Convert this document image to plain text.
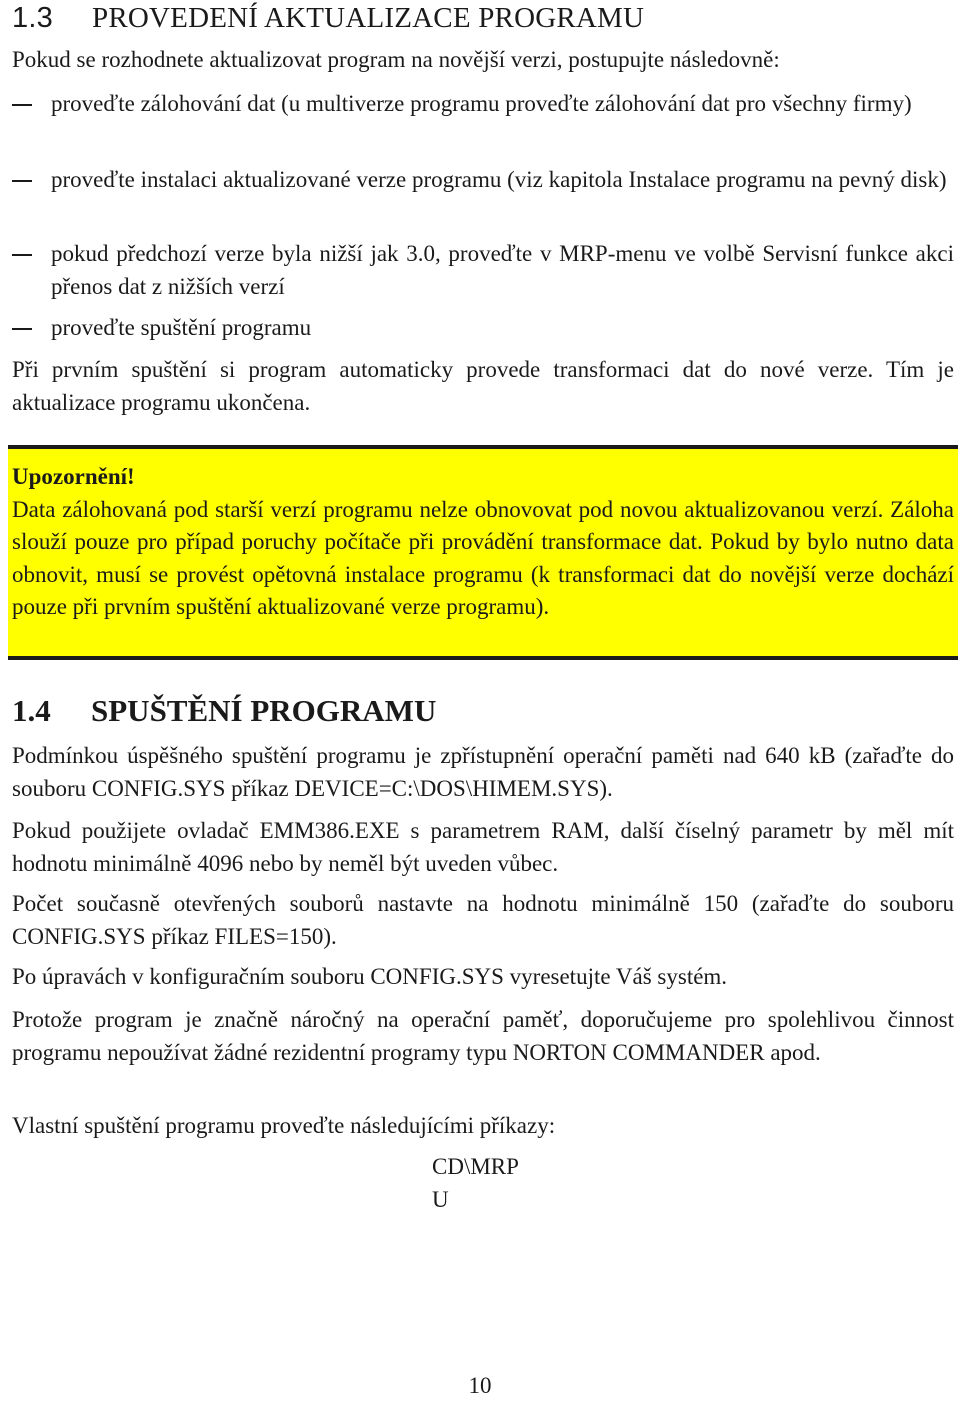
1.3 PROVEDENÍ AKTUALIZACE PROGRAMU

Pokud se rozhodnete aktualizovat program na novější verzi, postupujte následovně:

proveďte zálohování dat (u multiverze programu proveďte zálohování dat pro všechny firmy)
proveďte instalaci aktualizované verze programu (viz kapitola Instalace programu na pevný disk)
pokud předchozí verze byla nižší jak 3.0, proveďte v MRP-menu ve volbě Servisní funkce akci přenos dat z nižších verzí
proveďte spuštění programu

Při prvním spuštění si program automaticky provede transformaci dat do nové verze. Tím je aktualizace programu ukončena.

Upozornění!
Data zálohovaná pod starší verzí programu nelze obnovovat pod novou aktualizovanou verzí. Záloha slouží pouze pro případ poruchy počítače při provádění transformace dat. Pokud by bylo nutno data obnovit, musí se provést opětovná instalace programu (k transformaci dat do novější verze dochází pouze při prvním spuštění aktualizované verze programu).
1.4 SPUŠTĚNÍ PROGRAMU

Podmínkou úspěšného spuštění programu je zpřístupnění operační paměti nad 640 kB (zařaďte do souboru CONFIG.SYS příkaz DEVICE=C:\DOS\HIMEM.SYS).

Pokud použijete ovladač EMM386.EXE s parametrem RAM, další číselný parametr by měl mít hodnotu minimálně 4096 nebo by neměl být uveden vůbec.

Počet současně otevřených souborů nastavte na hodnotu minimálně 150 (zařaďte do souboru CONFIG.SYS příkaz FILES=150).

Po úpravách v konfiguračním souboru CONFIG.SYS vyresetujte Váš systém.

Protože program je značně náročný na operační paměť, doporučujeme pro spolehlivou činnost programu nepoužívat žádné rezidentní programy typu NORTON COMMANDER apod.

Vlastní spuštění programu proveďte následujícími příkazy:

CD\MRP
U
10
